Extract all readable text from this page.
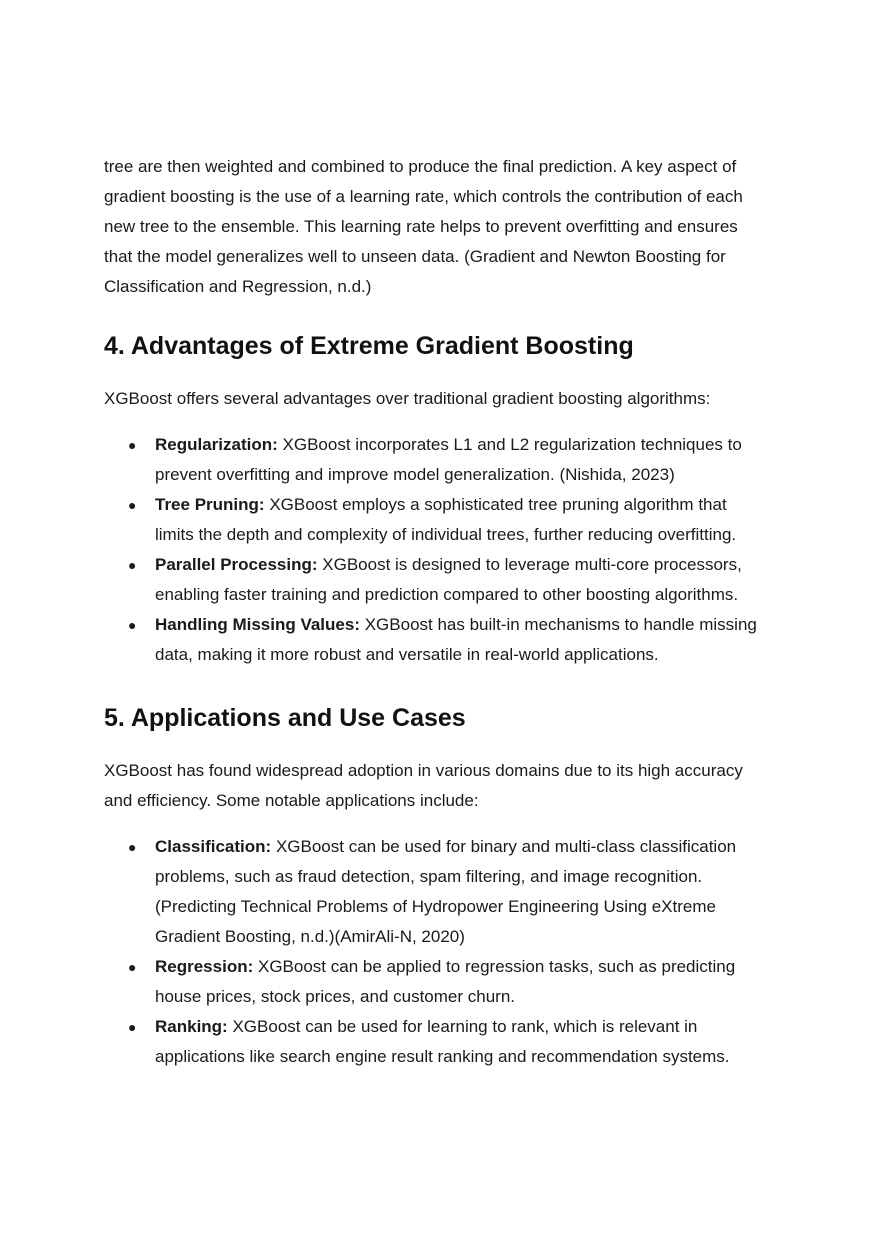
tree are then weighted and combined to produce the final prediction. A key aspect of
gradient boosting is the use of a learning rate, which controls the contribution of each
new tree to the ensemble. This learning rate helps to prevent overfitting and ensures
that the model generalizes well to unseen data. (Gradient and Newton Boosting for
Classification and Regression, n.d.)

4. Advantages of Extreme Gradient Boosting

XGBoost offers several advantages over traditional gradient boosting algorithms:

● Regularization: XGBoost incorporates L1 and L2 regularization techniques to
prevent overfitting and improve model generalization. (Nishida, 2023)
● Tree Pruning: XGBoost employs a sophisticated tree pruning algorithm that
limits the depth and complexity of individual trees, further reducing overfitting.
● Parallel Processing: XGBoost is designed to leverage multi-core processors,
enabling faster training and prediction compared to other boosting algorithms.
● Handling Missing Values: XGBoost has built-in mechanisms to handle missing
data, making it more robust and versatile in real-world applications.
5. Applications and Use Cases

XGBoost has found widespread adoption in various domains due to its high accuracy
and efficiency. Some notable applications include:

● Classification: XGBoost can be used for binary and multi-class classification
problems, such as fraud detection, spam filtering, and image recognition.
(Predicting Technical Problems of Hydropower Engineering Using eXtreme
Gradient Boosting, n.d.)(AmirAli-N, 2020)
● Regression: XGBoost can be applied to regression tasks, such as predicting
house prices, stock prices, and customer churn.
● Ranking: XGBoost can be used for learning to rank, which is relevant in
applications like search engine result ranking and recommendation systems.
